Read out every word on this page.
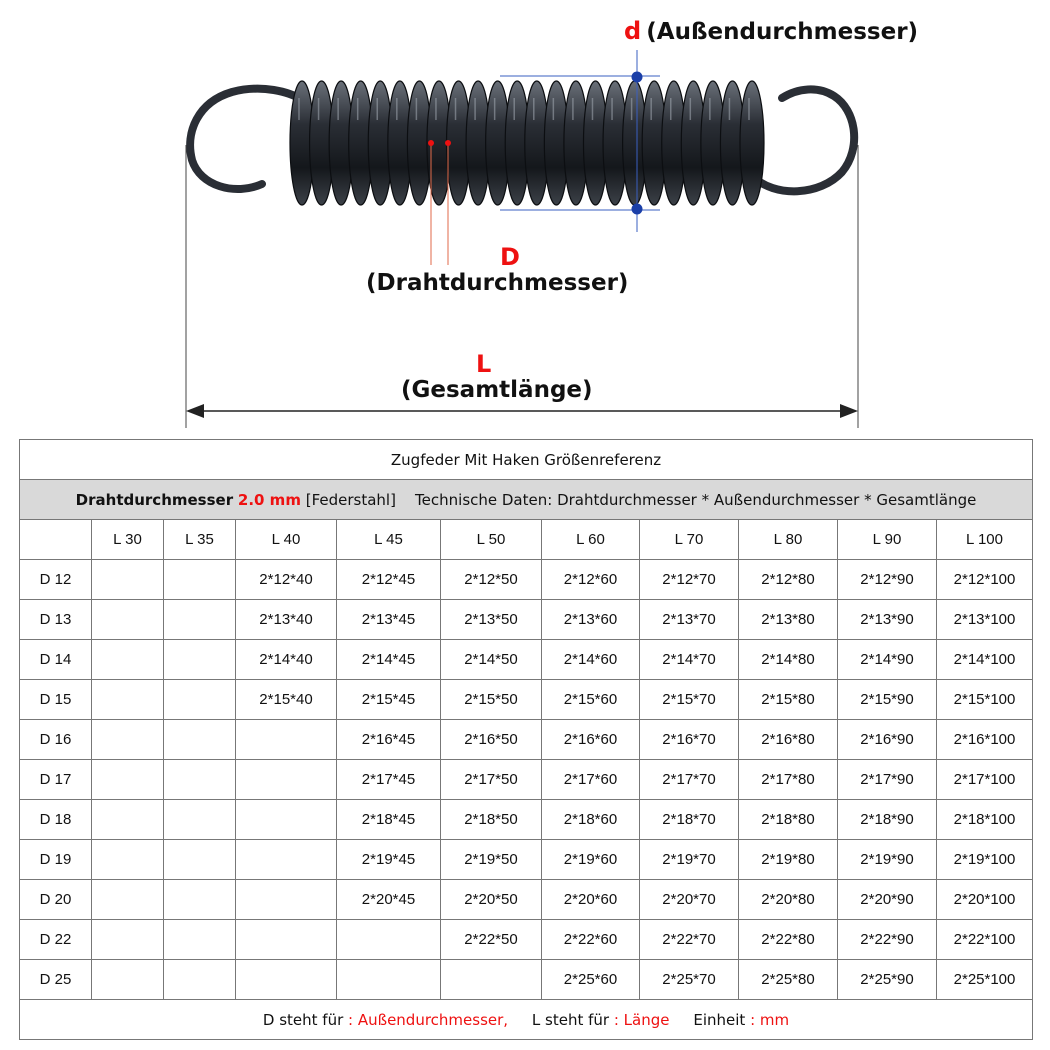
d (Außendurchmesser)
D
(Drahtdurchmesser)
L
(Gesamtlänge)
Zugfeder Mit Haken Größenreferenz										
Drahtdurchmesser 2.0 mm [Federstahl] Technische Daten: Drahtdurchmesser * Außendurchmesser * Gesamtlänge										
	L 30	L 35	L 40	L 45	L 50	L 60	L 70	L 80	L 90	L 100
D 12			2*12*40	2*12*45	2*12*50	2*12*60	2*12*70	2*12*80	2*12*90	2*12*100
D 13			2*13*40	2*13*45	2*13*50	2*13*60	2*13*70	2*13*80	2*13*90	2*13*100
D 14			2*14*40	2*14*45	2*14*50	2*14*60	2*14*70	2*14*80	2*14*90	2*14*100
D 15			2*15*40	2*15*45	2*15*50	2*15*60	2*15*70	2*15*80	2*15*90	2*15*100
D 16				2*16*45	2*16*50	2*16*60	2*16*70	2*16*80	2*16*90	2*16*100
D 17				2*17*45	2*17*50	2*17*60	2*17*70	2*17*80	2*17*90	2*17*100
D 18				2*18*45	2*18*50	2*18*60	2*18*70	2*18*80	2*18*90	2*18*100
D 19				2*19*45	2*19*50	2*19*60	2*19*70	2*19*80	2*19*90	2*19*100
D 20				2*20*45	2*20*50	2*20*60	2*20*70	2*20*80	2*20*90	2*20*100
D 22					2*22*50	2*22*60	2*22*70	2*22*80	2*22*90	2*22*100
D 25						2*25*60	2*25*70	2*25*80	2*25*90	2*25*100
D steht für : Außendurchmesser, L steht für : Länge Einheit : mm										
